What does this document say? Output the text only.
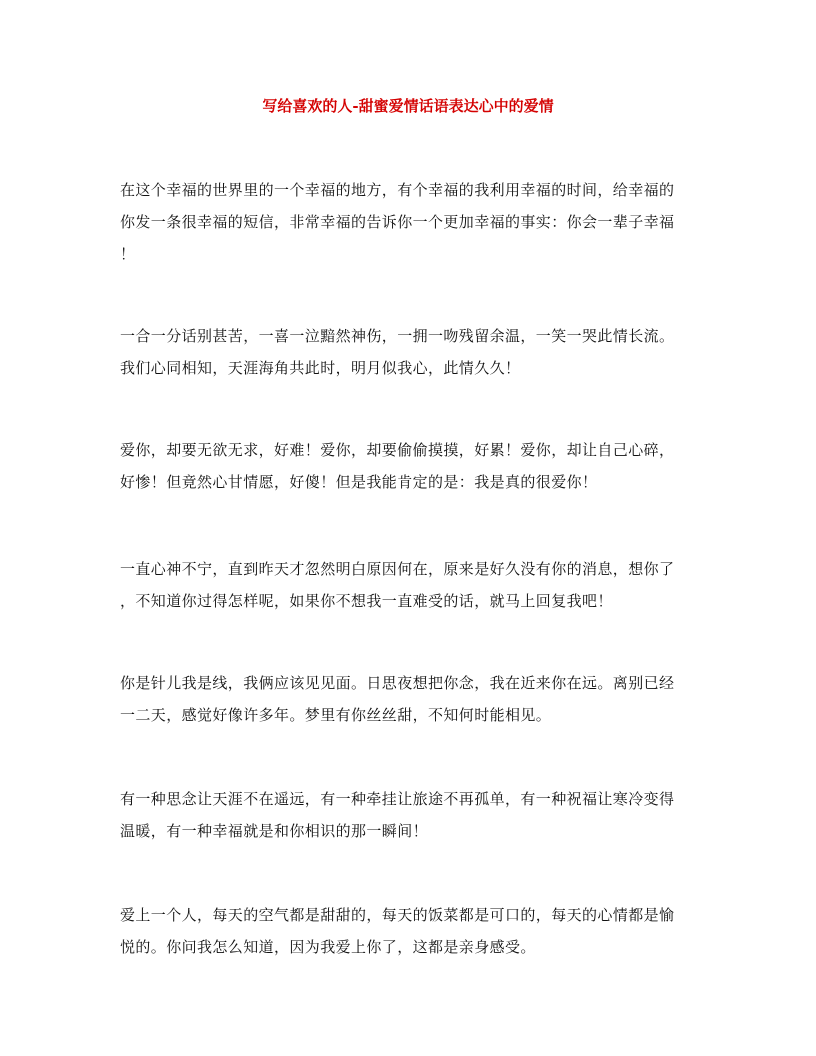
写给喜欢的人-甜蜜爱情话语表达心中的爱情

在这个幸福的世界里的一个幸福的地方，有个幸福的我利用幸福的时间，给幸福的
你发一条很幸福的短信，非常幸福的告诉你一个更加幸福的事实：你会一辈子幸福
！

一合一分话别甚苦，一喜一泣黯然神伤，一拥一吻残留余温，一笑一哭此情长流。
我们心同相知，天涯海角共此时，明月似我心，此情久久！

爱你，却要无欲无求，好难！爱你，却要偷偷摸摸，好累！爱你，却让自己心碎，
好惨！但竟然心甘情愿，好傻！但是我能肯定的是：我是真的很爱你！

一直心神不宁，直到昨天才忽然明白原因何在，原来是好久没有你的消息，想你了
，不知道你过得怎样呢，如果你不想我一直难受的话，就马上回复我吧！

你是针儿我是线，我俩应该见见面。日思夜想把你念，我在近来你在远。离别已经
一二天，感觉好像许多年。梦里有你丝丝甜，不知何时能相见。

有一种思念让天涯不在遥远，有一种牵挂让旅途不再孤单，有一种祝福让寒冷变得
温暖，有一种幸福就是和你相识的那一瞬间！

爱上一个人，每天的空气都是甜甜的，每天的饭菜都是可口的，每天的心情都是愉
悦的。你问我怎么知道，因为我爱上你了，这都是亲身感受。
